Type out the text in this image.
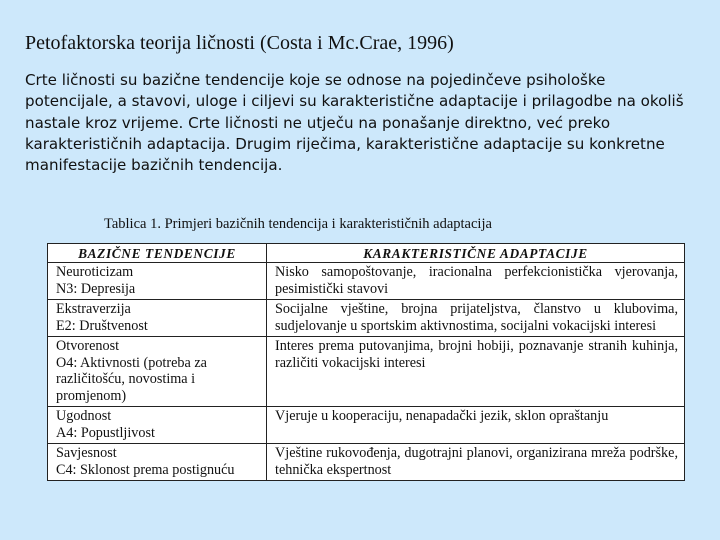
Petofaktorska teorija ličnosti (Costa i Mc.Crae, 1996)

Crte ličnosti su bazične tendencije koje se odnose na pojedinčeve psihološke potencijale, a stavovi, uloge i ciljevi su karakteristične adaptacije i prilagodbe na okoliš nastale kroz vrijeme. Crte ličnosti ne utječu na ponašanje direktno, već preko karakterističnih adaptacija. Drugim riječima, karakteristične adaptacije su konkretne manifestacije bazičnih tendencija.

Tablica 1. Primjeri bazičnih tendencija i karakterističnih adaptacija
BAZIČNE TENDENCIJE	KARAKTERISTIČNE ADAPTACIJE

Neuroticizam
N3: Depresija	Nisko samopoštovanje, iracionalna perfekcionistička vjerovanja, pesimistički stavovi

Ekstraverzija
E2: Društvenost	Socijalne vještine, brojna prijateljstva, članstvo u klubovima, sudjelovanje u sportskim aktivnostima, socijalni vokacijski interesi

Otvorenost
O4: Aktivnosti (potreba za
različitošću, novostima i
promjenom)	Interes prema putovanjima, brojni hobiji, poznavanje stranih kuhinja, različiti vokacijski interesi

Ugodnost
A4: Popustljivost	Vjeruje u kooperaciju, nenapadački jezik, sklon opraštanju

Savjesnost
C4: Sklonost prema postignuću	Vještine rukovođenja, dugotrajni planovi, organizirana mreža podrške, tehnička ekspertnost
